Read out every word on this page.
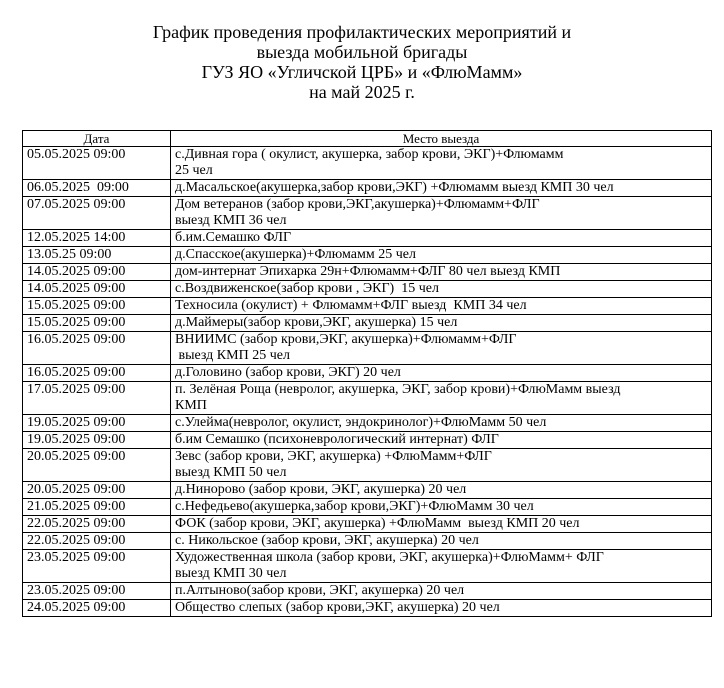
График проведения профилактических мероприятий и
выезда мобильной бригады
ГУЗ ЯО «Угличской ЦРБ» и «ФлюМамм»
на май 2025 г.
Дата	Место выезда
05.05.2025 09:00	с.Дивная гора ( окулист, акушерка, забор крови, ЭКГ)+Флюмамм
25 чел

06.05.2025  09:00	д.Масальское(акушерка,забор крови,ЭКГ) +Флюмамм выезд КМП 30 чел

07.05.2025 09:00	Дом ветеранов (забор крови,ЭКГ,акушерка)+Флюмамм+ФЛГ
выезд КМП 36 чел

12.05.2025 14:00	б.им.Семашко ФЛГ

13.05.25 09:00	д.Спасское(акушерка)+Флюмамм 25 чел

14.05.2025 09:00	дом-интернат Эпихарка 29н+Флюмамм+ФЛГ 80 чел выезд КМП

14.05.2025 09:00	с.Воздвиженское(забор крови , ЭКГ)  15 чел

15.05.2025 09:00	Техносила (окулист) + Флюмамм+ФЛГ выезд  КМП 34 чел

15.05.2025 09:00	д.Маймеры(забор крови,ЭКГ, акушерка) 15 чел

16.05.2025 09:00	ВНИИМС (забор крови,ЭКГ, акушерка)+Флюмамм+ФЛГ
выезд КМП 25 чел

16.05.2025 09:00	д.Головино (забор крови, ЭКГ) 20 чел

17.05.2025 09:00	п. Зелёная Роща (невролог, акушерка, ЭКГ, забор крови)+ФлюМамм выезд
КМП

19.05.2025 09:00	с.Улейма(невролог, окулист, эндокринолог)+ФлюМамм 50 чел

19.05.2025 09:00	б.им Семашко (психоневрологический интернат) ФЛГ

20.05.2025 09:00	Зевс (забор крови, ЭКГ, акушерка) +ФлюМамм+ФЛГ
выезд КМП 50 чел

20.05.2025 09:00	д.Нинорово (забор крови, ЭКГ, акушерка) 20 чел

21.05.2025 09:00	с.Нефедьево(акушерка,забор крови,ЭКГ)+ФлюМамм 30 чел

22.05.2025 09:00	ФОК (забор крови, ЭКГ, акушерка) +ФлюМамм  выезд КМП 20 чел

22.05.2025 09:00	с. Никольское (забор крови, ЭКГ, акушерка) 20 чел

23.05.2025 09:00	Художественная школа (забор крови, ЭКГ, акушерка)+ФлюМамм+ ФЛГ
выезд КМП 30 чел

23.05.2025 09:00	п.Алтыново(забор крови, ЭКГ, акушерка) 20 чел

24.05.2025 09:00	Общество слепых (забор крови,ЭКГ, акушерка) 20 чел
